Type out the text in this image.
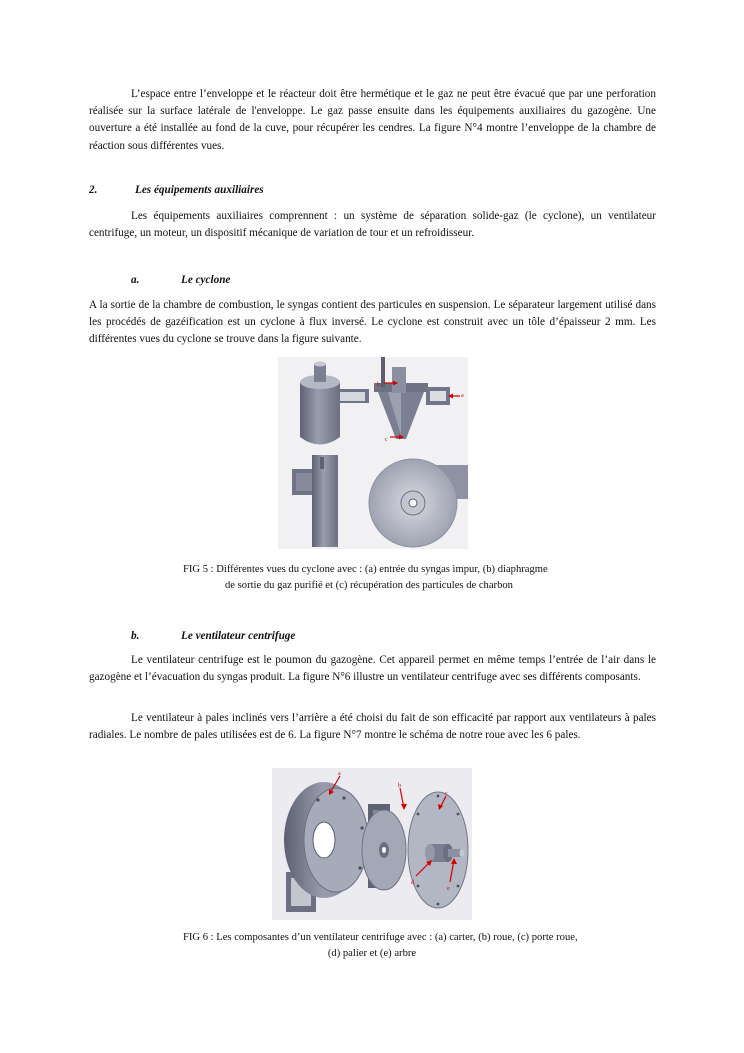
L’espace entre l’enveloppe et le réacteur doit être hermétique et le gaz ne peut être évacué que par une perforation réalisée sur la surface latérale de l'enveloppe. Le gaz passe ensuite dans les équipements auxiliaires du gazogène. Une ouverture a été installée au fond de la cuve, pour récupérer les cendres. La figure N°4 montre l’enveloppe de la chambre de réaction sous différentes vues.

2.	Les équipements auxiliaires

Les équipements auxiliaires comprennent : un système de séparation solide-gaz (le cyclone), un ventilateur centrifuge, un moteur, un dispositif mécanique de variation de tour et un refroidisseur.

a.	Le cyclone

A la sortie de la chambre de combustion, le syngas contient des particules en suspension. Le séparateur largement utilisé dans les procédés de gazéification est un cyclone à flux inversé. Le cyclone est construit avec un tôle d’épaisseur 2 mm. Les différentes vues du cyclone se trouve dans la figure suivante.

b
a
c
FIG 5 : Différentes vues du cyclone avec : (a) entrée du syngas impur, (b) diaphragme
de sortie du gaz purifié et (c) récupération des particules de charbon
b.	Le ventilateur centrifuge

Le ventilateur centrifuge est le poumon du gazogène. Cet appareil permet en même temps l’entrée de l’air dans le gazogène et l’évacuation du syngas produit. La figure N°6 illustre un ventilateur centrifuge avec ses différents composants.

Le ventilateur à pales inclinés vers l’arrière a été choisi du fait de son efficacité par rapport aux ventilateurs à pales radiales. Le nombre de pales utilisées est de 6. La figure N°7 montre le schéma de notre roue avec les 6 pales.

a
b
c
d
e
FIG 6 : Les composantes d’un ventilateur centrifuge avec : (a) carter, (b) roue, (c) porte roue,
(d) palier et (e) arbre
